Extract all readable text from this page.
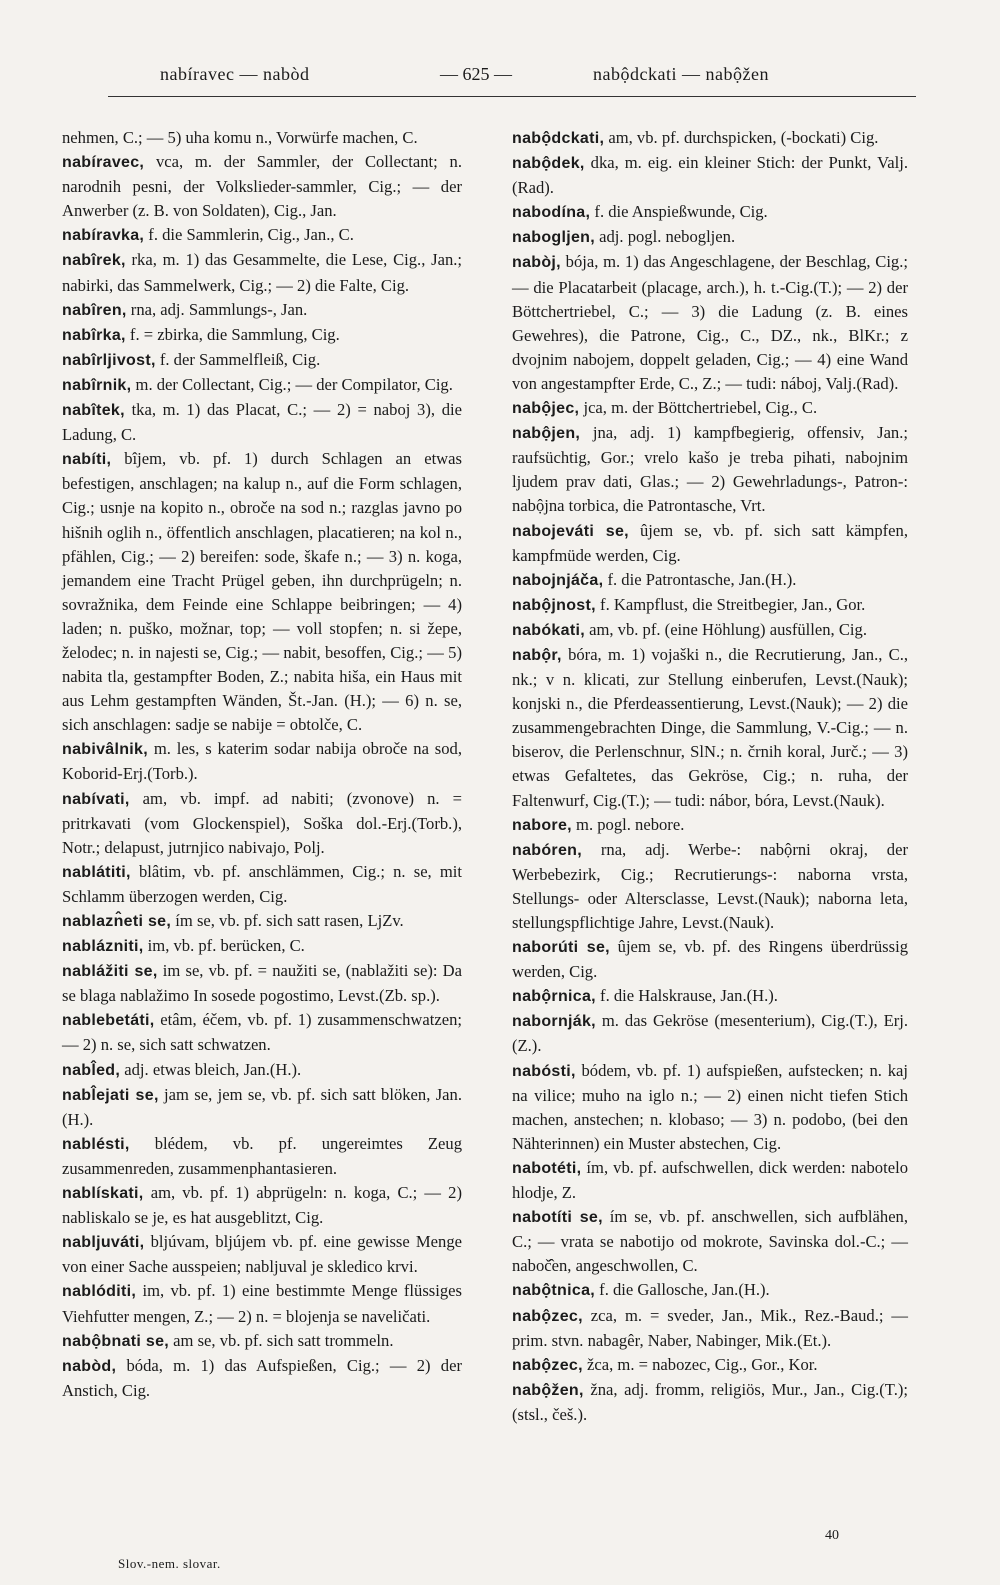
nabíravec — nabòd	— 625 —	nabộdckati — nabộžen

nehmen, C.; — 5) uha komu n., Vorwürfe machen, C.

nabíravec, vca, m. der Sammler, der Collectant; n. narodnih pesni, der Volkslieder-sammler, Cig.; — der Anwerber (z. B. von Soldaten), Cig., Jan.

nabíravka, f. die Sammlerin, Cig., Jan., C.

nabîrek, rka, m. 1) das Gesammelte, die Lese, Cig., Jan.; nabirki, das Sammelwerk, Cig.; — 2) die Falte, Cig.

nabîren, rna, adj. Sammlungs-, Jan.

nabîrka, f. = zbirka, die Sammlung, Cig.

nabîrljivost, f. der Sammelfleiß, Cig.

nabîrnik, m. der Collectant, Cig.; — der Compilator, Cig.

nabîtek, tka, m. 1) das Placat, C.; — 2) = naboj 3), die Ladung, C.

nabíti, bîjem, vb. pf. 1) durch Schlagen an etwas befestigen, anschlagen; na kalup n., auf die Form schlagen, Cig.; usnje na kopito n., obroče na sod n.; razglas javno po hišnih oglih n., öffentlich anschlagen, placatieren; na kol n., pfählen, Cig.; — 2) bereifen: sode, škafe n.; — 3) n. koga, jemandem eine Tracht Prügel geben, ihn durchprügeln; n. sovražnika, dem Feinde eine Schlappe beibringen; — 4) laden; n. puško, možnar, top; — voll stopfen; n. si žepe, želodec; n. in najesti se, Cig.; — nabit, besoffen, Cig.; — 5) nabita tla, gestampfter Boden, Z.; nabita hiša, ein Haus mit aus Lehm gestampften Wänden, Št.-Jan. (H.); — 6) n. se, sich anschlagen: sadje se nabije = obtolče, C.

nabivâlnik, m. les, s katerim sodar nabija obroče na sod, Koborid-Erj.(Torb.).

nabívati, am, vb. impf. ad nabiti; (zvonove) n. = pritrkavati (vom Glockenspiel), Soška dol.-Erj.(Torb.), Notr.; delapust, jutrnjico nabivajo, Polj.

nablátiti, blâtim, vb. pf. anschlämmen, Cig.; n. se, mit Schlamm überzogen werden, Cig.

nablazn̂eti se, ím se, vb. pf. sich satt rasen, LjZv.

nablázniti, im, vb. pf. berücken, C.

nablážiti se, im se, vb. pf. = naužiti se, (nablažiti se): Da se blaga nablažimo In sosede pogostimo, Levst.(Zb. sp.).

nablebetáti, etâm, éčem, vb. pf. 1) zusammenschwatzen; — 2) n. se, sich satt schwatzen.

nabl̂ed, adj. etwas bleich, Jan.(H.).

nabl̂ejati se, jam se, jem se, vb. pf. sich satt blöken, Jan.(H.).

nablésti, blédem, vb. pf. ungereimtes Zeug zusammenreden, zusammenphantasieren.

nablískati, am, vb. pf. 1) abprügeln: n. koga, C.; — 2) nabliskalo se je, es hat ausgeblitzt, Cig.

nabljuváti, bljúvam, bljújem vb. pf. eine gewisse Menge von einer Sache ausspeien; nabljuval je skledico krvi.

nablóditi, im, vb. pf. 1) eine bestimmte Menge flüssiges Viehfutter mengen, Z.; — 2) n. = blojenja se naveličati.

nabộbnati se, am se, vb. pf. sich satt trommeln.

nabòd, bóda, m. 1) das Aufspießen, Cig.; — 2) der Anstich, Cig.

nabộdckati, am, vb. pf. durchspicken, (-bockati) Cig.

nabộdek, dka, m. eig. ein kleiner Stich: der Punkt, Valj.(Rad).

nabodína, f. die Anspießwunde, Cig.

nabogljen, adj. pogl. nebogljen.

nabòj, bója, m. 1) das Angeschlagene, der Beschlag, Cig.; — die Placatarbeit (placage, arch.), h. t.-Cig.(T.); — 2) der Böttchertriebel, C.; — 3) die Ladung (z. B. eines Gewehres), die Patrone, Cig., C., DZ., nk., BlKr.; z dvojnim nabojem, doppelt geladen, Cig.; — 4) eine Wand von angestampfter Erde, C., Z.; — tudi: náboj, Valj.(Rad).

nabộjec, jca, m. der Böttchertriebel, Cig., C.

nabộjen, jna, adj. 1) kampfbegierig, offensiv, Jan.; raufsüchtig, Gor.; vrelo kašo je treba pihati, nabojnim ljudem prav dati, Glas.; — 2) Gewehrladungs-, Patron-: nabộjna torbica, die Patrontasche, Vrt.

nabojeváti se, ûjem se, vb. pf. sich satt kämpfen, kampfmüde werden, Cig.

nabojnjáča, f. die Patrontasche, Jan.(H.).

nabộjnost, f. Kampflust, die Streitbegier, Jan., Gor.

nabókati, am, vb. pf. (eine Höhlung) ausfüllen, Cig.

nabộr, bóra, m. 1) vojaški n., die Recrutierung, Jan., C., nk.; v n. klicati, zur Stellung einberufen, Levst.(Nauk); konjski n., die Pferdeassentierung, Levst.(Nauk); — 2) die zusammengebrachten Dinge, die Sammlung, V.-Cig.; — n. biserov, die Perlenschnur, SlN.; n. črnih koral, Jurč.; — 3) etwas Gefaltetes, das Gekröse, Cig.; n. ruha, der Faltenwurf, Cig.(T.); — tudi: nábor, bóra, Levst.(Nauk).

nabore, m. pogl. nebore.

nabóren, rna, adj. Werbe-: nabộrni okraj, der Werbebezirk, Cig.; Recrutierungs-: naborna vrsta, Stellungs- oder Altersclasse, Levst.(Nauk); naborna leta, stellungspflichtige Jahre, Levst.(Nauk).

naborúti se, ûjem se, vb. pf. des Ringens überdrüssig werden, Cig.

nabộrnica, f. die Halskrause, Jan.(H.).

nabornják, m. das Gekröse (mesenterium), Cig.(T.), Erj.(Z.).

nabósti, bódem, vb. pf. 1) aufspießen, aufstecken; n. kaj na vilice; muho na iglo n.; — 2) einen nicht tiefen Stich machen, anstechen; n. klobaso; — 3) n. podobo, (bei den Nähterinnen) ein Muster abstechen, Cig.

nabotéti, ím, vb. pf. aufschwellen, dick werden: nabotelo hlodje, Z.

nabotíti se, ím se, vb. pf. anschwellen, sich aufblähen, C.; — vrata se nabotijo od mokrote, Savinska dol.-C.; — naboč̂en, angeschwollen, C.

nabộtnica, f. die Gallosche, Jan.(H.).

nabộzec, zca, m. = sveder, Jan., Mik., Rez.-Baud.; — prim. stvn. nabagêr, Naber, Nabinger, Mik.(Et.).

nabộzec, žca, m. = nabozec, Cig., Gor., Kor.

nabộžen, žna, adj. fromm, religiös, Mur., Jan., Cig.(T.); (stsl., češ.).

Slov.-nem. slovar.
40
